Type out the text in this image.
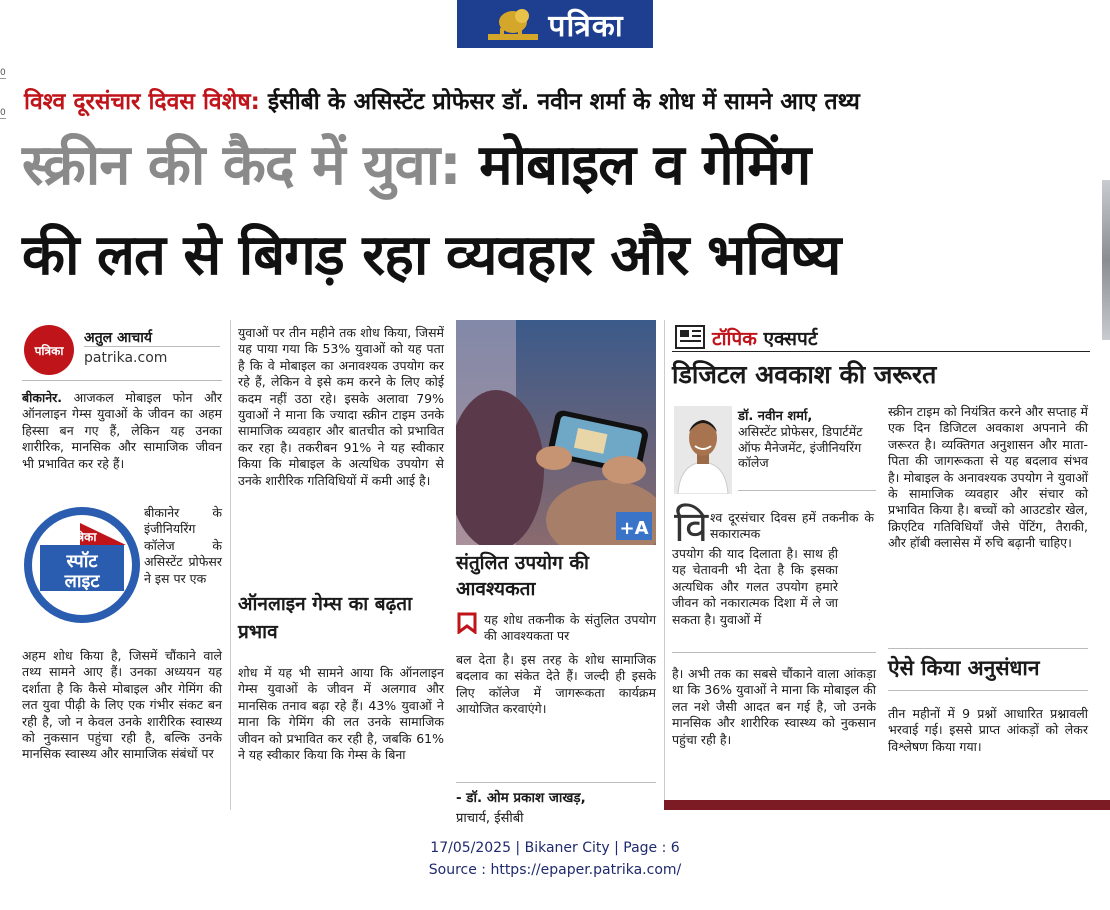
पत्रिका
0
0 विश्व दूरसंचार दिवस विशेष: ईसीबी के असिस्टेंट प्रोफेसर डॉ. नवीन शर्मा के शोध में सामने आए तथ्य
स्क्रीन की कैद में युवा: मोबाइल व गेमिंग
की लत से बिगड़ रहा व्यवहार और भविष्य
पत्रिका
अतुल आचार्य
patrika.com
बीकानेर. आजकल मोबाइल फोन और ऑनलाइन गेम्स युवाओं के जीवन का अहम हिस्सा बन गए हैं, लेकिन यह उनका शारीरिक, मानसिक और सामाजिक जीवन भी प्रभावित कर रहे हैं।
पत्रिका
स्पॉट
लाइट
बीकानेर के इंजीनियरिंग कॉलेज के असिस्टेंट प्रोफेसर ने इस पर एक
अहम शोध किया है, जिसमें चौंकाने वाले तथ्य सामने आए हैं। उनका अध्ययन यह दर्शाता है कि कैसे मोबाइल और गेमिंग की लत युवा पीढ़ी के लिए एक गंभीर संकट बन रही है, जो न केवल उनके शारीरिक स्वास्थ्य को नुकसान पहुंचा रही है, बल्कि उनके मानसिक स्वास्थ्य और सामाजिक संबंधों पर
युवाओं पर तीन महीने तक शोध किया, जिसमें यह पाया गया कि 53% युवाओं को यह पता है कि वे मोबाइल का अनावश्यक उपयोग कर रहे हैं, लेकिन वे इसे कम करने के लिए कोई कदम नहीं उठा रहे। इसके अलावा 79% युवाओं ने माना कि ज्यादा स्क्रीन टाइम उनके सामाजिक व्यवहार और बातचीत को प्रभावित कर रहा है। तकरीबन 91% ने यह स्वीकार किया कि मोबाइल के अत्यधिक उपयोग से उनके शारीरिक गतिविधियों में कमी आई है।
ऑनलाइन गेम्स का बढ़ता प्रभाव
शोध में यह भी सामने आया कि ऑनलाइन गेम्स युवाओं के जीवन में अलगाव और मानसिक तनाव बढ़ा रहे हैं। 43% युवाओं ने माना कि गेमिंग की लत उनके सामाजिक जीवन को प्रभावित कर रही है, जबकि 61% ने यह स्वीकार किया कि गेम्स के बिना
+A
संतुलित उपयोग की आवश्यकता
यह शोध तकनीक के संतुलित उपयोग की आवश्यकता पर
बल देता है। इस तरह के शोध सामाजिक बदलाव का संकेत देते हैं। जल्दी ही इसके लिए कॉलेज में जागरूकता कार्यक्रम आयोजित करवाएंगे।
- डॉ. ओम प्रकाश जाखड़,
प्राचार्य, ईसीबी
टॉपिक एक्सपर्ट
डिजिटल अवकाश की जरूरत
डॉ. नवीन शर्मा,
असिस्टेंट प्रोफेसर, डिपार्टमेंट ऑफ मैनेजमेंट, इंजीनियरिंग कॉलेज
वि श्व दूरसंचार दिवस हमें तकनीक के सकारात्मक
उपयोग की याद दिलाता है। साथ ही यह चेतावनी भी देता है कि इसका अत्यधिक और गलत उपयोग हमारे जीवन को नकारात्मक दिशा में ले जा सकता है। युवाओं में
है। अभी तक का सबसे चौंकाने वाला आंकड़ा था कि 36% युवाओं ने माना कि मोबाइल की लत नशे जैसी आदत बन गई है, जो उनके मानसिक और शारीरिक स्वास्थ्य को नुकसान पहुंचा रही है।
स्क्रीन टाइम को नियंत्रित करने और सप्ताह में एक दिन डिजिटल अवकाश अपनाने की जरूरत है। व्यक्तिगत अनुशासन और माता-पिता की जागरूकता से यह बदलाव संभव है। मोबाइल के अनावश्यक उपयोग ने युवाओं के सामाजिक व्यवहार और संचार को प्रभावित किया है। बच्चों को आउटडोर खेल, क्रिएटिव गतिविधियाँ जैसे पेंटिंग, तैराकी, और हॉबी क्लासेस में रुचि बढ़ानी चाहिए।
ऐसे किया अनुसंधान
तीन महीनों में 9 प्रश्नों आधारित प्रश्नावली भरवाई गई। इससे प्राप्त आंकड़ों को लेकर विश्लेषण किया गया।
17/05/2025 | Bikaner City | Page : 6
Source : https://epaper.patrika.com/
